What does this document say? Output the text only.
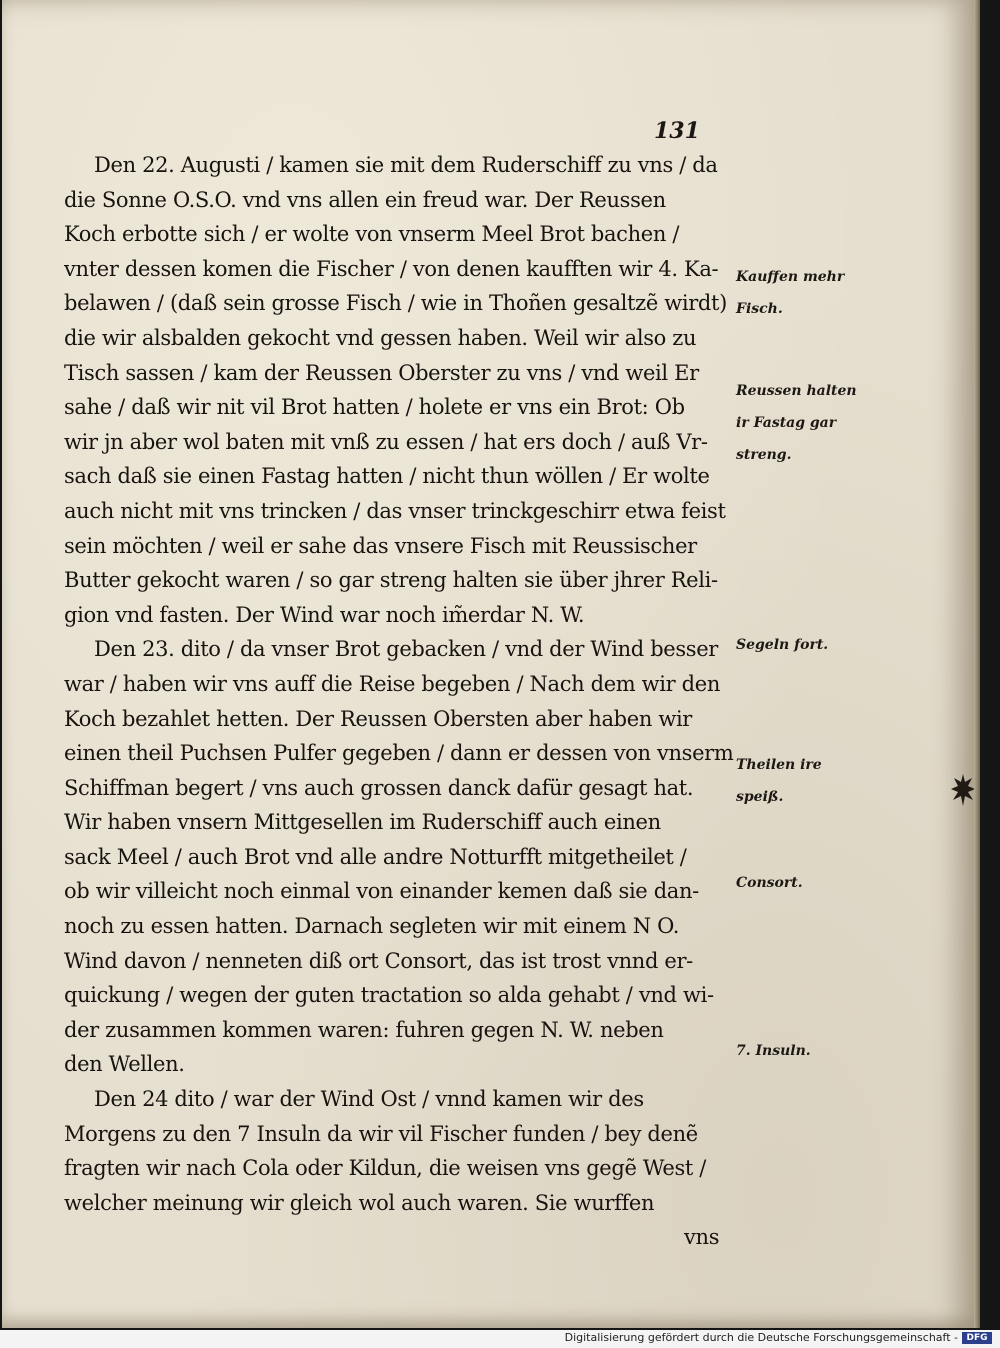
131
Den 22. Augusti / kamen sie mit dem Ruderschiff zu vns / da
die Sonne O.S.O. vnd vns allen ein freud war. Der Reussen
Koch erbotte sich / er wolte von vnserm Meel Brot bachen /
vnter dessen komen die Fischer / von denen kaufften wir 4. Ka-
belawen / (daß sein grosse Fisch / wie in Thoñen gesaltzẽ wirdt)
die wir alsbalden gekocht vnd gessen haben. Weil wir also zu
Tisch sassen / kam der Reussen Oberster zu vns / vnd weil Er
sahe / daß wir nit vil Brot hatten / holete er vns ein Brot: Ob
wir jn aber wol baten mit vnß zu essen / hat ers doch / auß Vr-
sach daß sie einen Fastag hatten / nicht thun wöllen / Er wolte
auch nicht mit vns trincken / das vnser trinckgeschirr etwa feist
sein möchten / weil er sahe das vnsere Fisch mit Reussischer
Butter gekocht waren / so gar streng halten sie über jhrer Reli-
gion vnd fasten. Der Wind war noch im̃erdar N. W.
Den 23. dito / da vnser Brot gebacken / vnd der Wind besser
war / haben wir vns auff die Reise begeben / Nach dem wir den
Koch bezahlet hetten. Der Reussen Obersten aber haben wir
einen theil Puchsen Pulfer gegeben / dann er dessen von vnserm
Schiffman begert / vns auch grossen danck dafür gesagt hat.
Wir haben vnsern Mittgesellen im Ruderschiff auch einen
sack Meel / auch Brot vnd alle andre Notturfft mitgetheilet /
ob wir villeicht noch einmal von einander kemen daß sie dan-
noch zu essen hatten. Darnach segleten wir mit einem N O.
Wind davon / nenneten diß ort Consort, das ist trost vnnd er-
quickung / wegen der guten tractation so alda gehabt / vnd wi-
der zusammen kommen waren: fuhren gegen N. W. neben
den Wellen.
Den 24 dito / war der Wind Ost / vnnd kamen wir des
Morgens zu den 7 Insuln da wir vil Fischer funden / bey denẽ
fragten wir nach Cola oder Kildun, die weisen vns gegẽ West /
welcher meinung wir gleich wol auch waren. Sie wurffen
vns
Kauffen mehr
Fisch.
Reussen halten
ir Fastag gar
streng.
Segeln fort.
Theilen ire
speiß.
Consort.
7. Insuln.
Digitalisierung gefördert durch die Deutsche Forschungsgemeinschaft - DFG
